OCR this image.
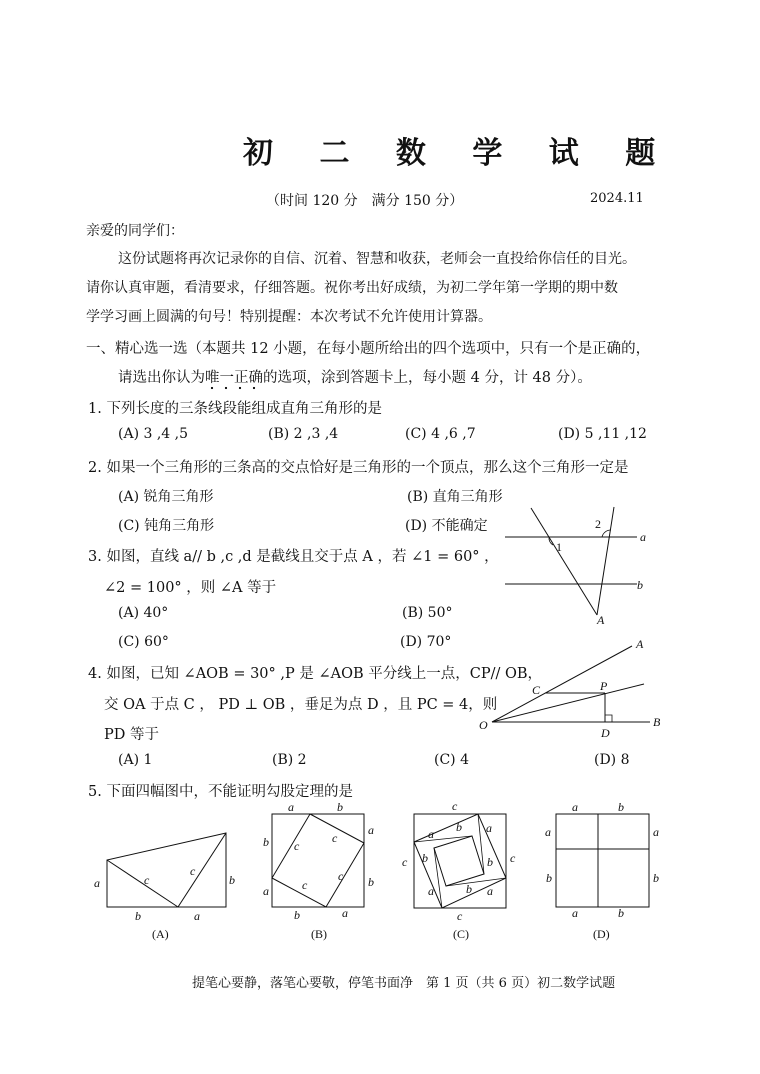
初 二 数 学 试 题
（时间 120 分　满分 150 分）	2024.11
亲爱的同学们：
这份试题将再次记录你的自信、沉着、智慧和收获，老师会一直投给你信任的目光。
请你认真审题，看清要求，仔细答题。祝你考出好成绩，为初二学年第一学期的期中数
学学习画上圆满的句号！特别提醒：本次考试不允许使用计算器。
一、精心选一选（本题共 12 小题，在每小题所给出的四个选项中，只有一个是正确的，
请选出你认为唯一正确的选项，涂到答题卡上，每小题 4 分，计 48 分）。
1. 下列长度的三条线段能组成直角三角形的是
(A) 3 ,4 ,5	(B) 2 ,3 ,4	(C) 4 ,6 ,7	(D) 5 ,11 ,12
2. 如果一个三角形的三条高的交点恰好是三角形的一个顶点，那么这个三角形一定是
(A) 锐角三角形	(B) 直角三角形
(C) 钝角三角形	(D) 不能确定
3. 如图，直线 a// b ,c ,d 是截线且交于点 A ，若 ∠1 = 60° ，
∠2 = 100° ，则 ∠A 等于
(A) 40°	(B) 50°
(C) 60°	(D) 70°
1
2
a
b
A
4. 如图，已知 ∠AOB = 30° ,P 是 ∠AOB 平分线上一点，CP// OB，
交 OA 于点 C ， PD ⊥ OB ，垂足为点 D ，且 PC = 4，则
PD 等于
(A) 1	(B) 2	(C) 4	(D) 8
A
B
C	P
D
O
5. 下面四幅图中，不能证明勾股定理的是
a	c
c
b
b	a
a	b
b
a
a
b
c
c
c
c
b	a
c
c	c
c
a b a
b	b
a	b a
a	b
a	a
b	b
a	b
(A)	(B)	(C)	(D)
提笔心要静，落笔心要敬，停笔书面净　第 1 页（共 6 页）初二数学试题
